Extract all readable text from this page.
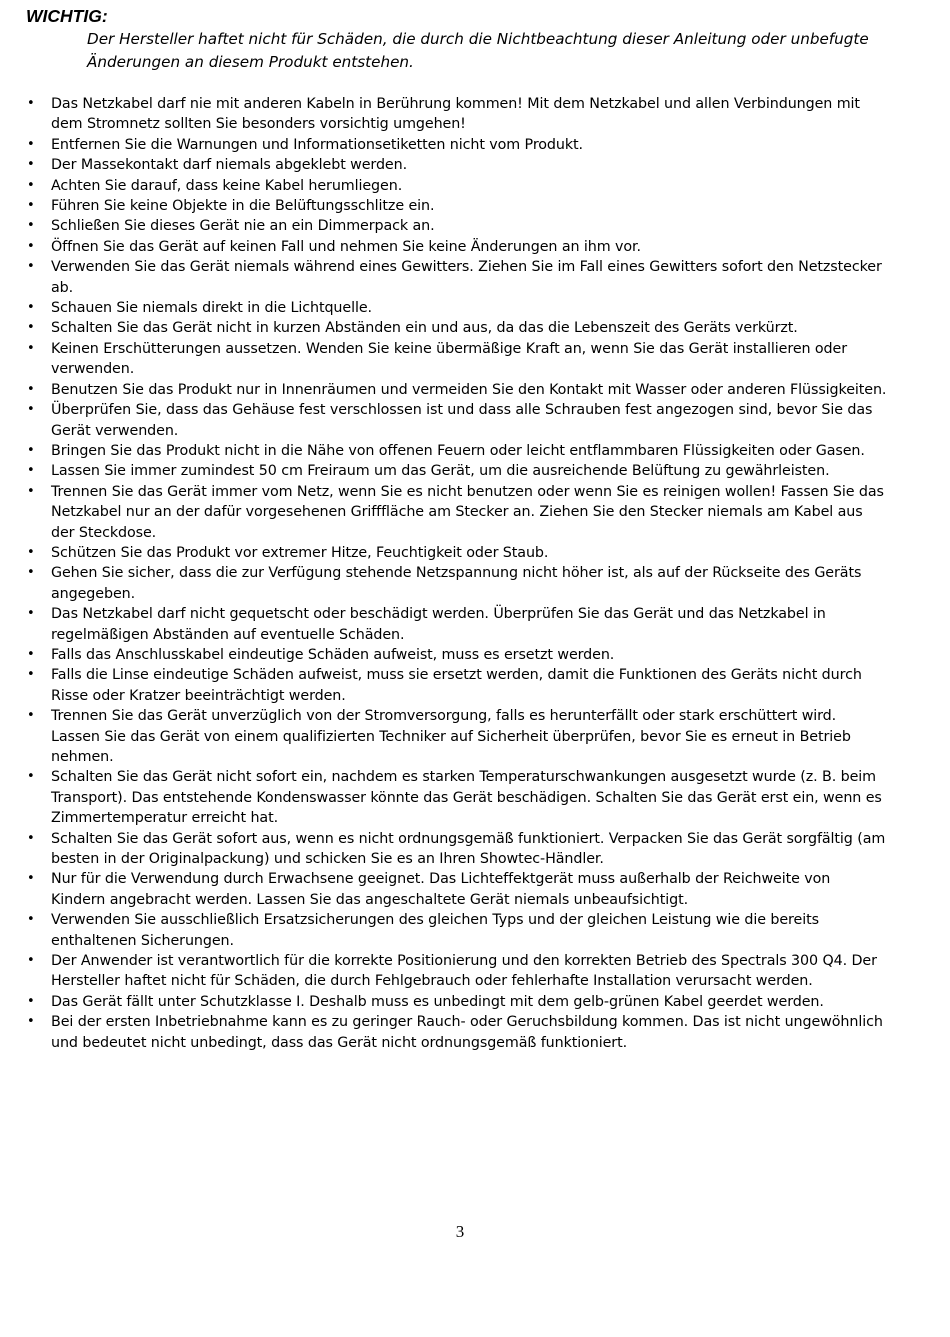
WICHTIG:
Der Hersteller haftet nicht für Schäden, die durch die Nichtbeachtung dieser Anleitung oder unbefugte Änderungen an diesem Produkt entstehen.
• Das Netzkabel darf nie mit anderen Kabeln in Berührung kommen! Mit dem Netzkabel und allen Verbindungen mit dem Stromnetz sollten Sie besonders vorsichtig umgehen!
• Entfernen Sie die Warnungen und Informationsetiketten nicht vom Produkt.
• Der Massekontakt darf niemals abgeklebt werden.
• Achten Sie darauf, dass keine Kabel herumliegen.
• Führen Sie keine Objekte in die Belüftungsschlitze ein.
• Schließen Sie dieses Gerät nie an ein Dimmerpack an.
• Öffnen Sie das Gerät auf keinen Fall und nehmen Sie keine Änderungen an ihm vor.
• Verwenden Sie das Gerät niemals während eines Gewitters. Ziehen Sie im Fall eines Gewitters sofort den Netzstecker ab.
• Schauen Sie niemals direkt in die Lichtquelle.
• Schalten Sie das Gerät nicht in kurzen Abständen ein und aus, da das die Lebenszeit des Geräts verkürzt.
• Keinen Erschütterungen aussetzen. Wenden Sie keine übermäßige Kraft an, wenn Sie das Gerät installieren oder verwenden.
• Benutzen Sie das Produkt nur in Innenräumen und vermeiden Sie den Kontakt mit Wasser oder anderen Flüssigkeiten.
• Überprüfen Sie, dass das Gehäuse fest verschlossen ist und dass alle Schrauben fest angezogen sind, bevor Sie das Gerät verwenden.
• Bringen Sie das Produkt nicht in die Nähe von offenen Feuern oder leicht entflammbaren Flüssigkeiten oder Gasen.
• Lassen Sie immer zumindest 50 cm Freiraum um das Gerät, um die ausreichende Belüftung zu gewährleisten.
• Trennen Sie das Gerät immer vom Netz, wenn Sie es nicht benutzen oder wenn Sie es reinigen wollen! Fassen Sie das Netzkabel nur an der dafür vorgesehenen Grifffläche am Stecker an. Ziehen Sie den Stecker niemals am Kabel aus der Steckdose.
• Schützen Sie das Produkt vor extremer Hitze, Feuchtigkeit oder Staub.
• Gehen Sie sicher, dass die zur Verfügung stehende Netzspannung nicht höher ist, als auf der Rückseite des Geräts angegeben.
• Das Netzkabel darf nicht gequetscht oder beschädigt werden. Überprüfen Sie das Gerät und das Netzkabel in regelmäßigen Abständen auf eventuelle Schäden.
• Falls das Anschlusskabel eindeutige Schäden aufweist, muss es ersetzt werden.
• Falls die Linse eindeutige Schäden aufweist, muss sie ersetzt werden, damit die Funktionen des Geräts nicht durch Risse oder Kratzer beeinträchtigt werden.
• Trennen Sie das Gerät unverzüglich von der Stromversorgung, falls es herunterfällt oder stark erschüttert wird. Lassen Sie das Gerät von einem qualifizierten Techniker auf Sicherheit überprüfen, bevor Sie es erneut in Betrieb nehmen.
• Schalten Sie das Gerät nicht sofort ein, nachdem es starken Temperaturschwankungen ausgesetzt wurde (z. B. beim Transport). Das entstehende Kondenswasser könnte das Gerät beschädigen. Schalten Sie das Gerät erst ein, wenn es Zimmertemperatur erreicht hat.
• Schalten Sie das Gerät sofort aus, wenn es nicht ordnungsgemäß funktioniert. Verpacken Sie das Gerät sorgfältig (am besten in der Originalpackung) und schicken Sie es an Ihren Showtec-Händler.
• Nur für die Verwendung durch Erwachsene geeignet. Das Lichteffektgerät muss außerhalb der Reichweite von Kindern angebracht werden. Lassen Sie das angeschaltete Gerät niemals unbeaufsichtigt.
• Verwenden Sie ausschließlich Ersatzsicherungen des gleichen Typs und der gleichen Leistung wie die bereits enthaltenen Sicherungen.
• Der Anwender ist verantwortlich für die korrekte Positionierung und den korrekten Betrieb des Spectrals 300 Q4. Der Hersteller haftet nicht für Schäden, die durch Fehlgebrauch oder fehlerhafte Installation verursacht werden.
• Das Gerät fällt unter Schutzklasse I. Deshalb muss es unbedingt mit dem gelb-grünen Kabel geerdet werden.
• Bei der ersten Inbetriebnahme kann es zu geringer Rauch- oder Geruchsbildung kommen. Das ist nicht ungewöhnlich und bedeutet nicht unbedingt, dass das Gerät nicht ordnungsgemäß funktioniert.
3
